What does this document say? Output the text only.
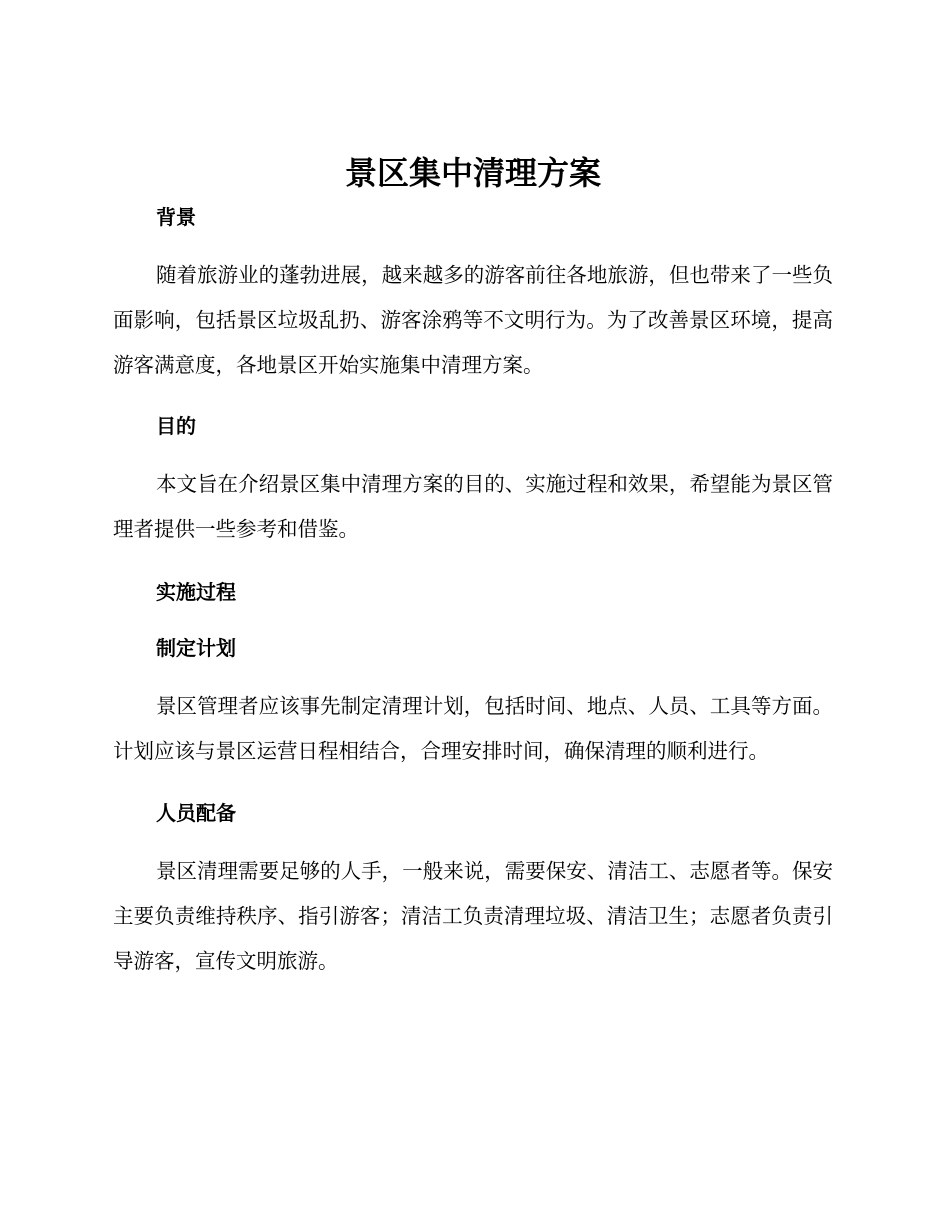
景区集中清理方案
背景

随着旅游业的蓬勃进展，越来越多的游客前往各地旅游，但也带来了一些负面影响，包括景区垃圾乱扔、游客涂鸦等不文明行为。为了改善景区环境，提高游客满意度，各地景区开始实施集中清理方案。

目的

本文旨在介绍景区集中清理方案的目的、实施过程和效果，希望能为景区管理者提供一些参考和借鉴。

实施过程
制定计划

景区管理者应该事先制定清理计划，包括时间、地点、人员、工具等方面。计划应该与景区运营日程相结合，合理安排时间，确保清理的顺利进行。

人员配备

景区清理需要足够的人手，一般来说，需要保安、清洁工、志愿者等。保安主要负责维持秩序、指引游客；清洁工负责清理垃圾、清洁卫生；志愿者负责引导游客，宣传文明旅游。
